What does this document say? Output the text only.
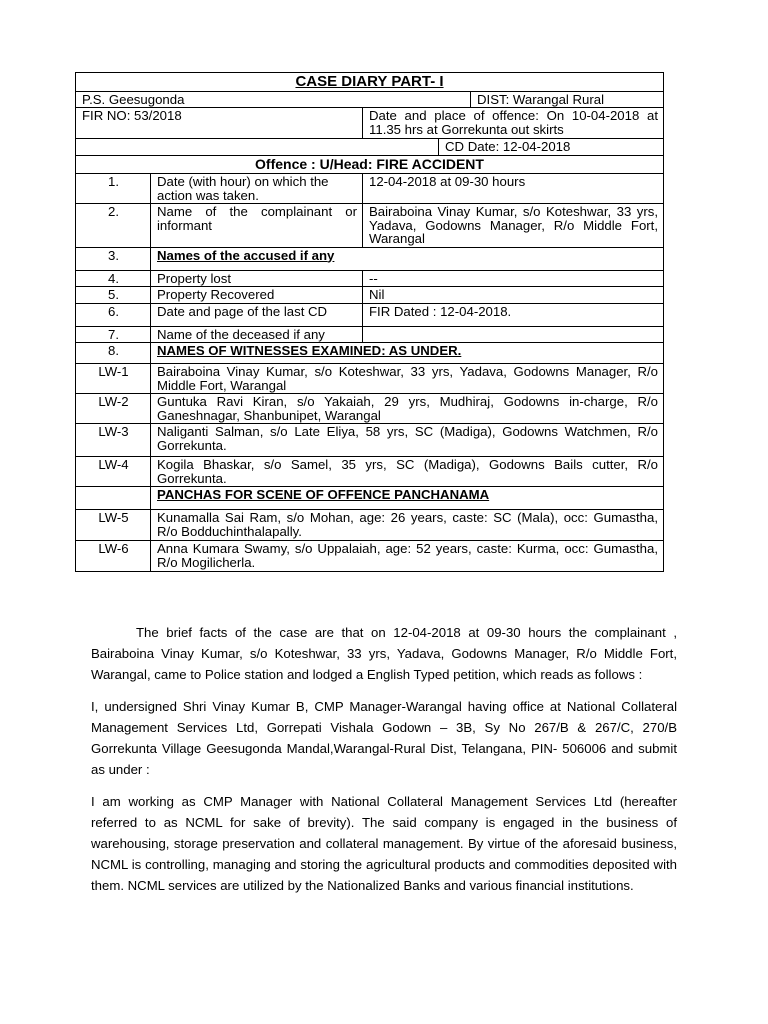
CASE DIARY PART- I				
P.S. Geesugonda				DIST: Warangal Rural
FIR NO: 53/2018		Date and place of offence: On 10-04-2018 at 11.35 hrs at Gorrekunta out skirts		
			CD Date: 12-04-2018	
Offence : U/Head: FIRE ACCIDENT				
1.	Date (with hour) on which the action was taken.	12-04-2018 at 09-30 hours		
2.	Name of the complainant or informant	Bairaboina Vinay Kumar, s/o Koteshwar, 33 yrs, Yadava, Godowns Manager, R/o Middle Fort, Warangal		
3.	Names of the accused if any			
4.	Property lost	--		
5.	Property Recovered	Nil		
6.	Date and page of the last CD	FIR Dated : 12-04-2018.		
7.	Name of the deceased if any			
8.	NAMES OF WITNESSES EXAMINED: AS UNDER.			
LW-1	Bairaboina Vinay Kumar, s/o Koteshwar, 33 yrs, Yadava, Godowns Manager, R/o Middle Fort, Warangal			
LW-2	Guntuka Ravi Kiran, s/o Yakaiah, 29 yrs, Mudhiraj, Godowns in-charge, R/o Ganeshnagar, Shanbunipet, Warangal			
LW-3	Naliganti Salman, s/o Late Eliya, 58 yrs, SC (Madiga), Godowns Watchmen, R/o Gorrekunta.			
LW-4	Kogila Bhaskar, s/o Samel, 35 yrs, SC (Madiga), Godowns Bails cutter, R/o Gorrekunta.			
	PANCHAS FOR SCENE OF OFFENCE PANCHANAMA			
LW-5	Kunamalla Sai Ram, s/o Mohan, age: 26 years, caste: SC (Mala), occ: Gumastha, R/o Bodduchinthalapally.			
LW-6	Anna Kumara Swamy, s/o Uppalaiah, age: 52 years, caste: Kurma, occ: Gumastha, R/o Mogilicherla.			

The brief facts of the case are that on 12-04-2018 at 09-30 hours the complainant , Bairaboina Vinay Kumar, s/o Koteshwar, 33 yrs, Yadava, Godowns Manager, R/o Middle Fort, Warangal, came to Police station and lodged a English Typed petition, which reads as follows :

I, undersigned Shri Vinay Kumar B, CMP Manager-Warangal having office at National Collateral Management Services Ltd, Gorrepati Vishala Godown – 3B, Sy No 267/B & 267/C, 270/B Gorrekunta Village Geesugonda Mandal,Warangal-Rural Dist, Telangana, PIN- 506006 and submit as under :

I am working as CMP Manager with National Collateral Management Services Ltd (hereafter referred to as NCML for sake of brevity). The said company is engaged in the business of warehousing, storage preservation and collateral management. By virtue of the aforesaid business, NCML is controlling, managing and storing the agricultural products and commodities deposited with them. NCML services are utilized by the Nationalized Banks and various financial institutions.
